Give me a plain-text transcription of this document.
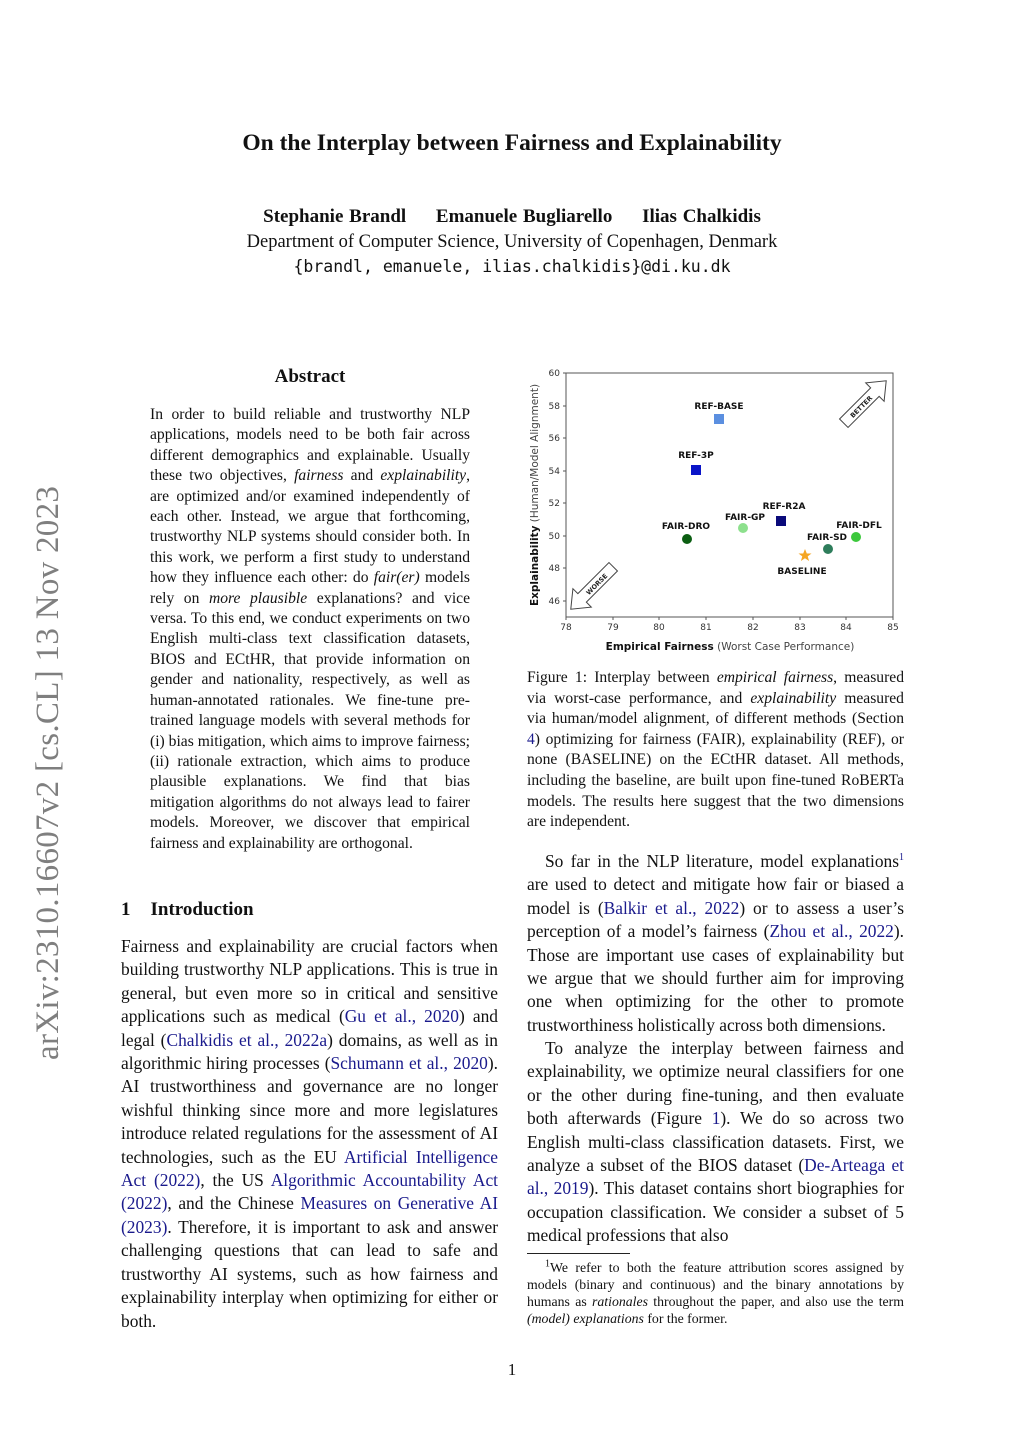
On the Interplay between Fairness and Explainability
Stephanie Brandl Emanuele Bugliarello Ilias Chalkidis
Department of Computer Science, University of Copenhagen, Denmark
{brandl, emanuele, ilias.chalkidis}@di.ku.dk
arXiv:2310.16607v2 [cs.CL] 13 Nov 2023
Abstract
In order to build reliable and trustworthy NLP applications, models need to be both fair across different demographics and explainable. Usually these two objectives, fairness and explainability, are optimized and/or examined independently of each other. Instead, we argue that forthcoming, trustworthy NLP systems should consider both. In this work, we perform a first study to understand how they influence each other: do fair(er) models rely on more plausible explanations? and vice versa. To this end, we conduct experiments on two English multi-class text classification datasets, BIOS and ECtHR, that provide information on gender and nationality, respectively, as well as human-annotated rationales. We fine-tune pre-trained language models with several methods for (i) bias mitigation, which aims to improve fairness; (ii) rationale extraction, which aims to produce plausible explanations. We find that bias mitigation algorithms do not always lead to fairer models. Moreover, we discover that empirical fairness and explainability are orthogonal.
1 Introduction
Fairness and explainability are crucial factors when building trustworthy NLP applications. This is true in general, but even more so in critical and sensitive applications such as medical (Gu et al., 2020) and legal (Chalkidis et al., 2022a) domains, as well as in algorithmic hiring processes (Schumann et al., 2020). AI trustworthiness and governance are no longer wishful thinking since more and more legislatures introduce related regulations for the assessment of AI technologies, such as the EU Artificial Intelligence Act (2022), the US Algorithmic Accountability Act (2022), and the Chinese Measures on Generative AI (2023). Therefore, it is important to ask and answer challenging questions that can lead to safe and trustworthy AI systems, such as how fairness and explainability interplay when optimizing for either or both.
46
48
50
52
54
56
58
60
78	79	80	81	82	83	84	85
Empirical Fairness (Worst Case Performance)
Explainability (Human/Model Alignment)	BETTER
WORSE
REF-BASE
REF-3P
REF-R2A
FAIR-GP
FAIR-DRO	FAIR-DFL
FAIR-SD
BASELINE
Figure 1: Interplay between empirical fairness, measured via worst-case performance, and explainability measured via human/model alignment, of different methods (Section 4) optimizing for fairness (FAIR), explainability (REF), or none (BASELINE) on the ECtHR dataset. All methods, including the baseline, are built upon fine-tuned RoBERTa models. The results here suggest that the two dimensions are independent.
So far in the NLP literature, model explanations$^1$ are used to detect and mitigate how fair or biased a model is (Balkir et al., 2022) or to assess a user’s perception of a model’s fairness (Zhou et al., 2022). Those are important use cases of explainability but we argue that we should further aim for improving one when optimizing for the other to promote trustworthiness holistically across both dimensions.
To analyze the interplay between fairness and explainability, we optimize neural classifiers for one or the other during fine-tuning, and then evaluate both afterwards (Figure 1). We do so across two English multi-class classification datasets. First, we analyze a subset of the BIOS dataset (De-Arteaga et al., 2019). This dataset contains short biographies for occupation classification. We consider a subset of 5 medical professions that also
$^1$We refer to both the feature attribution scores assigned by models (binary and continuous) and the binary annotations by humans as rationales throughout the paper, and also use the term (model) explanations for the former.
1
